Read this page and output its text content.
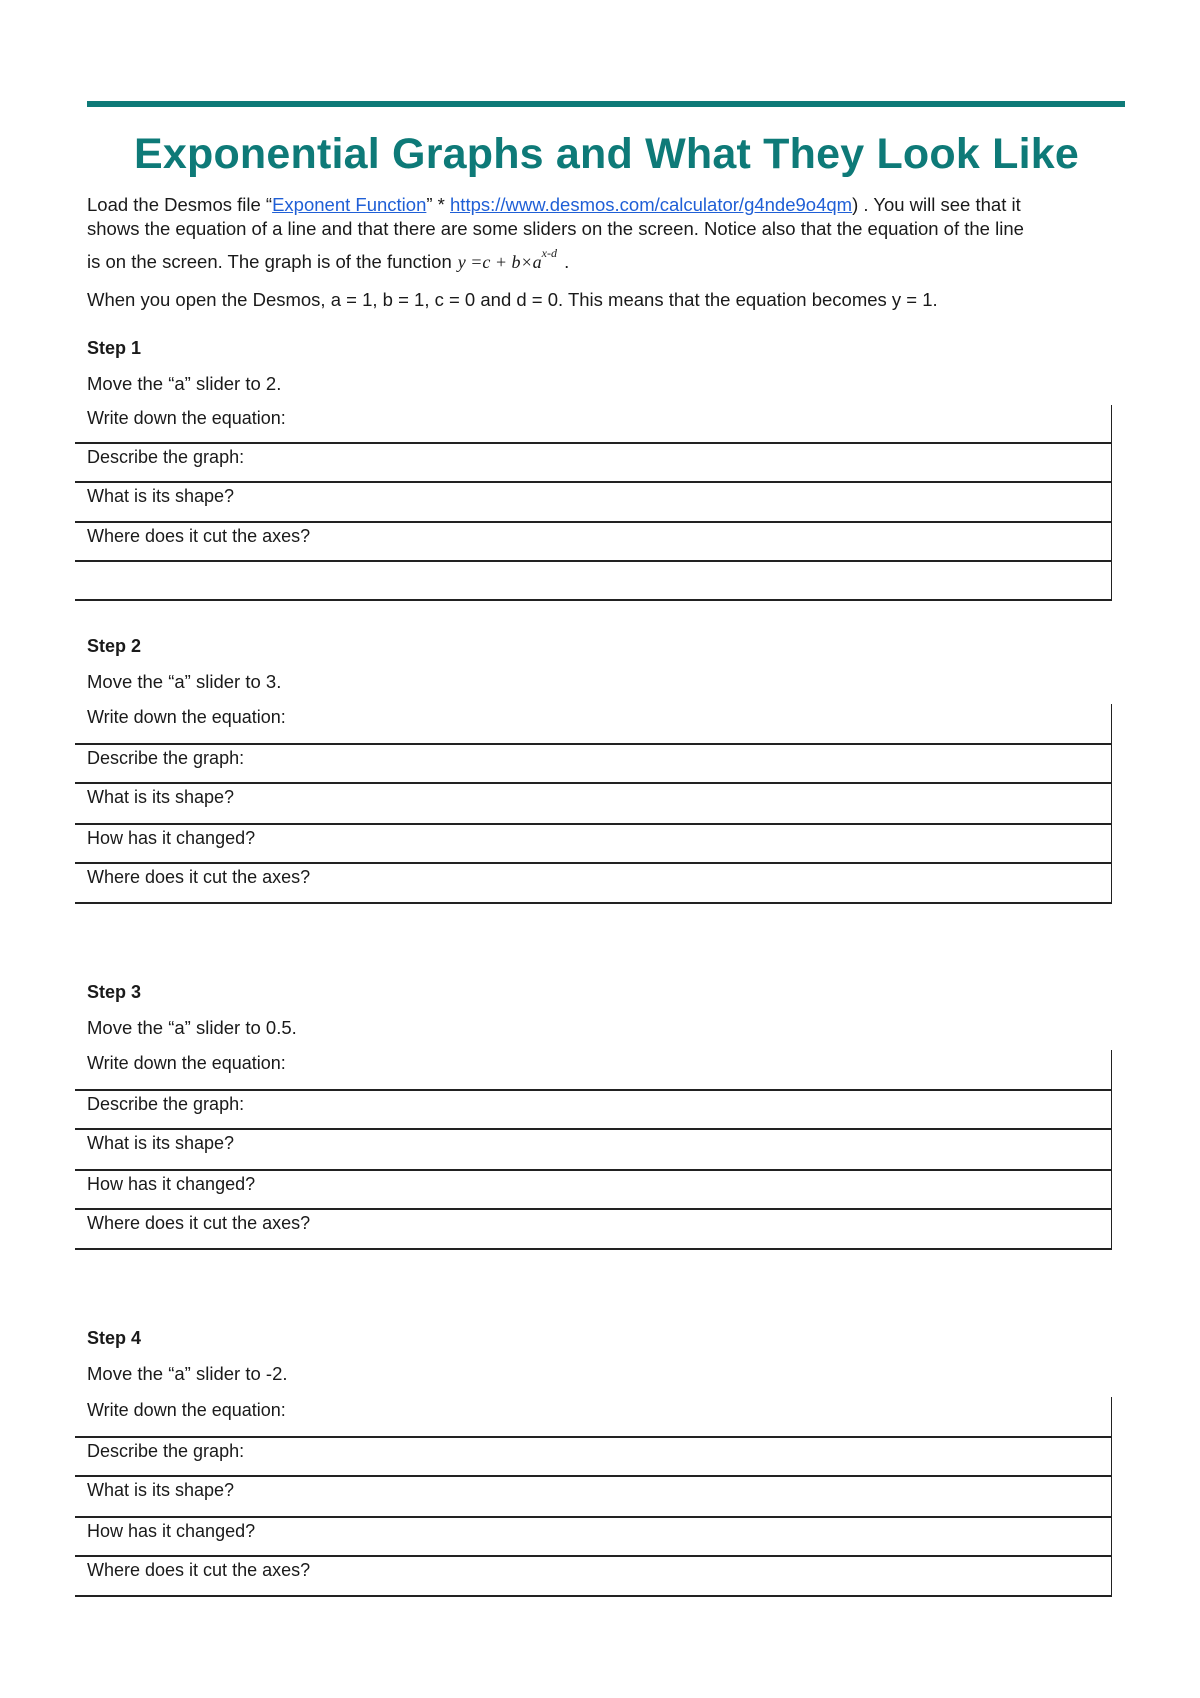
Exponential Graphs and What They Look Like

Load the Desmos file “Exponent Function” * https://www.desmos.com/calculator/g4nde9o4qm) . You will see that it

shows the equation of a line and that there are some sliders on the screen. Notice also that the equation of the line

is on the screen. The graph is of the function $y =c + b\times a^{x-d}$ .

When you open the Desmos, a = 1, b = 1, c = 0 and d = 0. This means that the equation becomes y = 1.
Step 1
Move the “a” slider to 2.
Write down the equation:
Describe the graph:
What is its shape?
Where does it cut the axes?
Step 2
Move the “a” slider to 3.
Write down the equation:
Describe the graph:
What is its shape?
How has it changed?
Where does it cut the axes?
Step 3
Move the “a” slider to 0.5.
Write down the equation:
Describe the graph:
What is its shape?
How has it changed?
Where does it cut the axes?
Step 4
Move the “a” slider to -2.
Write down the equation:
Describe the graph:
What is its shape?
How has it changed?
Where does it cut the axes?
